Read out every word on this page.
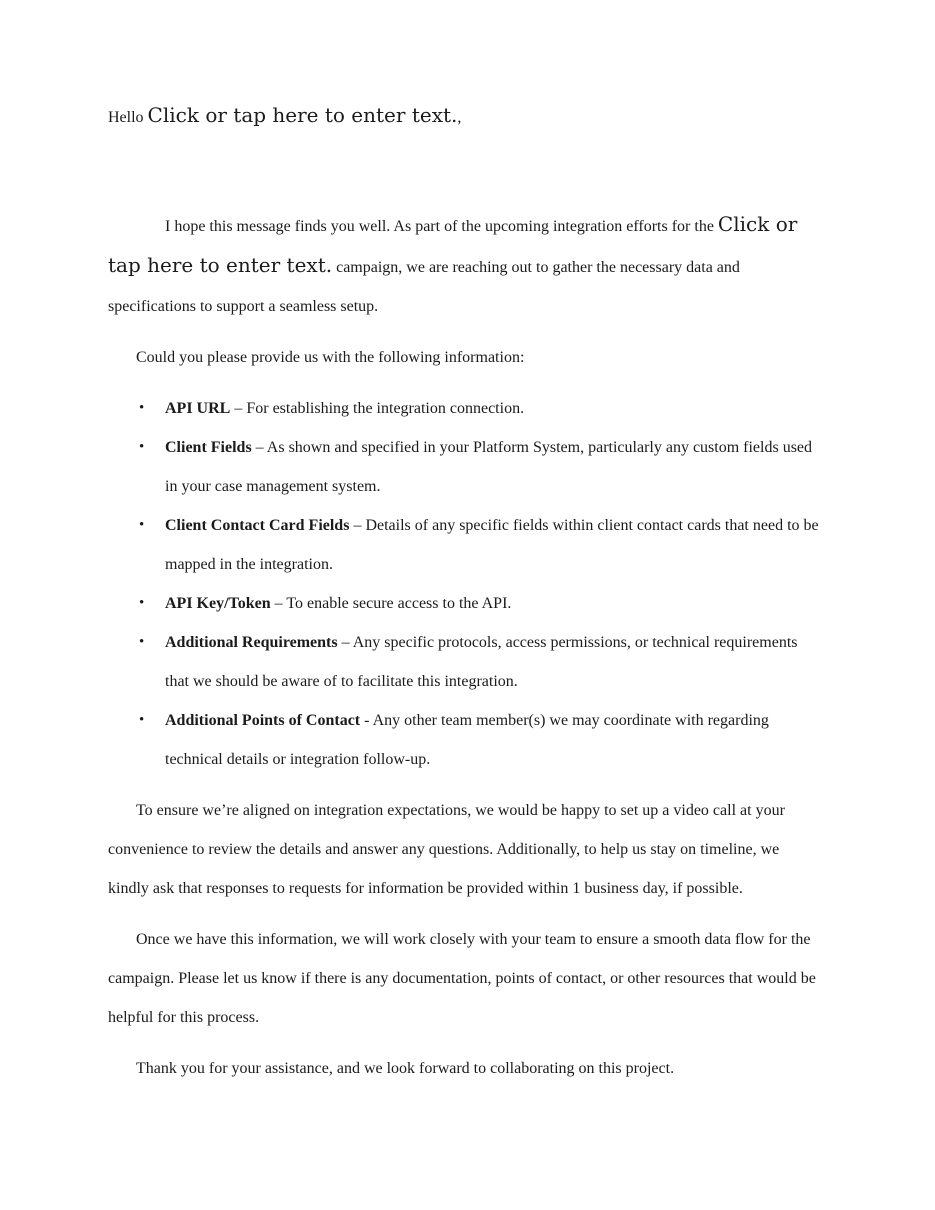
Hello Click or tap here to enter text.,

I hope this message finds you well. As part of the upcoming integration efforts for the Click or tap here to enter text. campaign, we are reaching out to gather the necessary data and specifications to support a seamless setup.

Could you please provide us with the following information:

• API URL – For establishing the integration connection.
• Client Fields – As shown and specified in your Platform System, particularly any custom fields used in your case management system.
• Client Contact Card Fields – Details of any specific fields within client contact cards that need to be mapped in the integration.
• API Key/Token – To enable secure access to the API.
• Additional Requirements – Any specific protocols, access permissions, or technical requirements that we should be aware of to facilitate this integration.
• Additional Points of Contact - Any other team member(s) we may coordinate with regarding technical details or integration follow-up.

To ensure we’re aligned on integration expectations, we would be happy to set up a video call at your convenience to review the details and answer any questions. Additionally, to help us stay on timeline, we kindly ask that responses to requests for information be provided within 1 business day, if possible.

Once we have this information, we will work closely with your team to ensure a smooth data flow for the campaign. Please let us know if there is any documentation, points of contact, or other resources that would be helpful for this process.

Thank you for your assistance, and we look forward to collaborating on this project.
